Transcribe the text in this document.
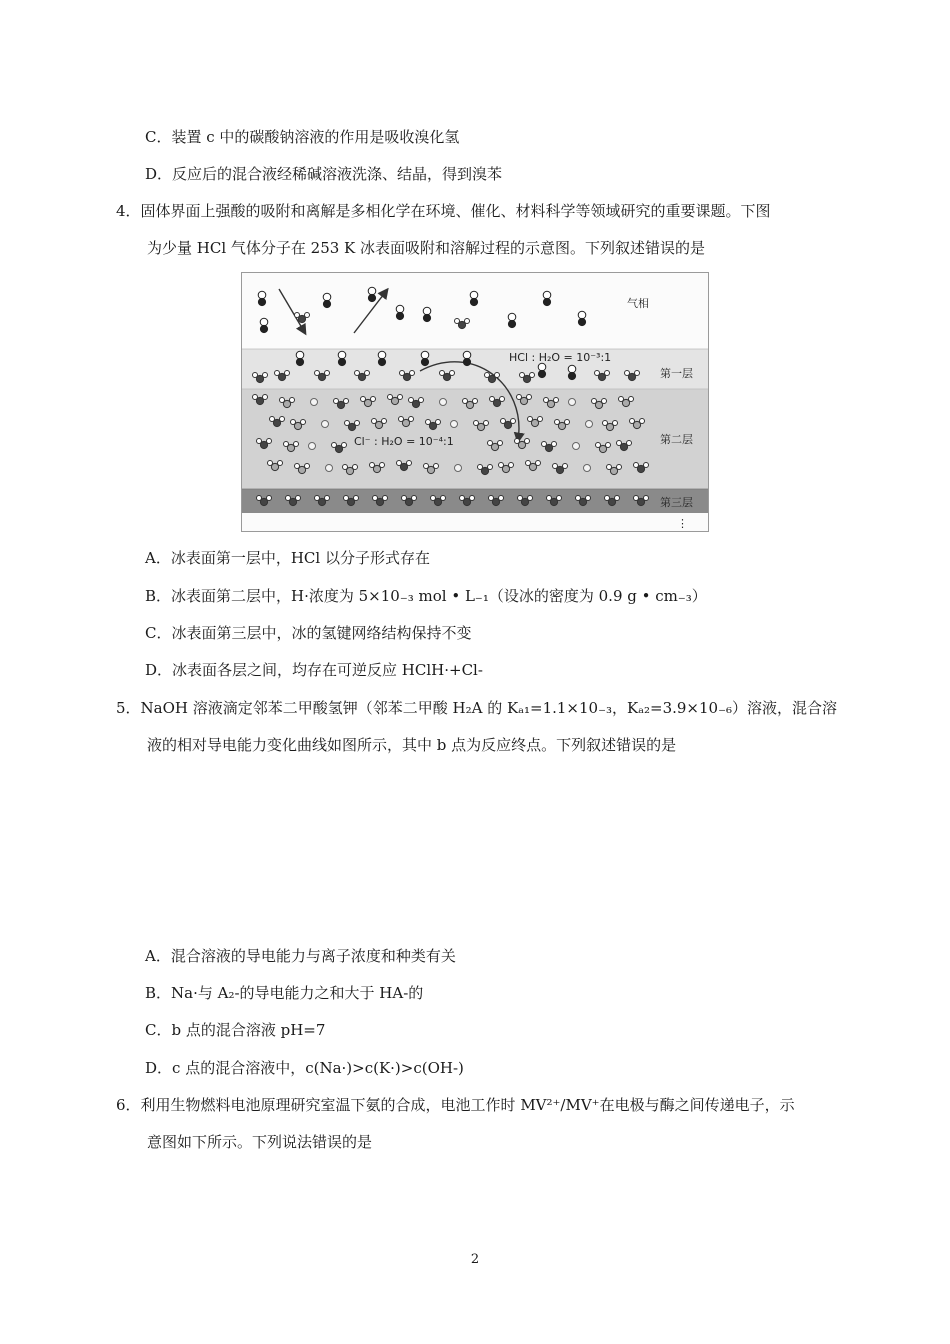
C．装置 c 中的碳酸钠溶液的作用是吸收溴化氢
D．反应后的混合液经稀碱溶液洗涤、结晶，得到溴苯
4．固体界面上强酸的吸附和离解是多相化学在环境、催化、材料科学等领域研究的重要课题。下图
为少量 HCl 气体分子在 253 K 冰表面吸附和溶解过程的示意图。下列叙述错误的是
气相
HCl : H₂O = 10⁻³:1
Cl⁻ : H₂O = 10⁻⁴:1
第一层
第二层
第三层
⋮
A．冰表面第一层中，HCl 以分子形式存在
B．冰表面第二层中，H·浓度为 5×10₋₃ mol • L₋₁（设冰的密度为 0.9 g • cm₋₃）
C．冰表面第三层中，冰的氢键网络结构保持不变
D．冰表面各层之间，均存在可逆反应 HClH·+Cl-
5．NaOH 溶液滴定邻苯二甲酸氢钾（邻苯二甲酸 H₂A 的 Kₐ₁=1.1×10₋₃，Kₐ₂=3.9×10₋₆）溶液，混合溶
液的相对导电能力变化曲线如图所示，其中 b 点为反应终点。下列叙述错误的是
A．混合溶液的导电能力与离子浓度和种类有关
B．Na·与 A₂-的导电能力之和大于 HA-的
C．b 点的混合溶液 pH=7
D．c 点的混合溶液中，c(Na·)>c(K·)>c(OH-)
6．利用生物燃料电池原理研究室温下氨的合成，电池工作时 MV²⁺/MV⁺在电极与酶之间传递电子，示
意图如下所示。下列说法错误的是
2
